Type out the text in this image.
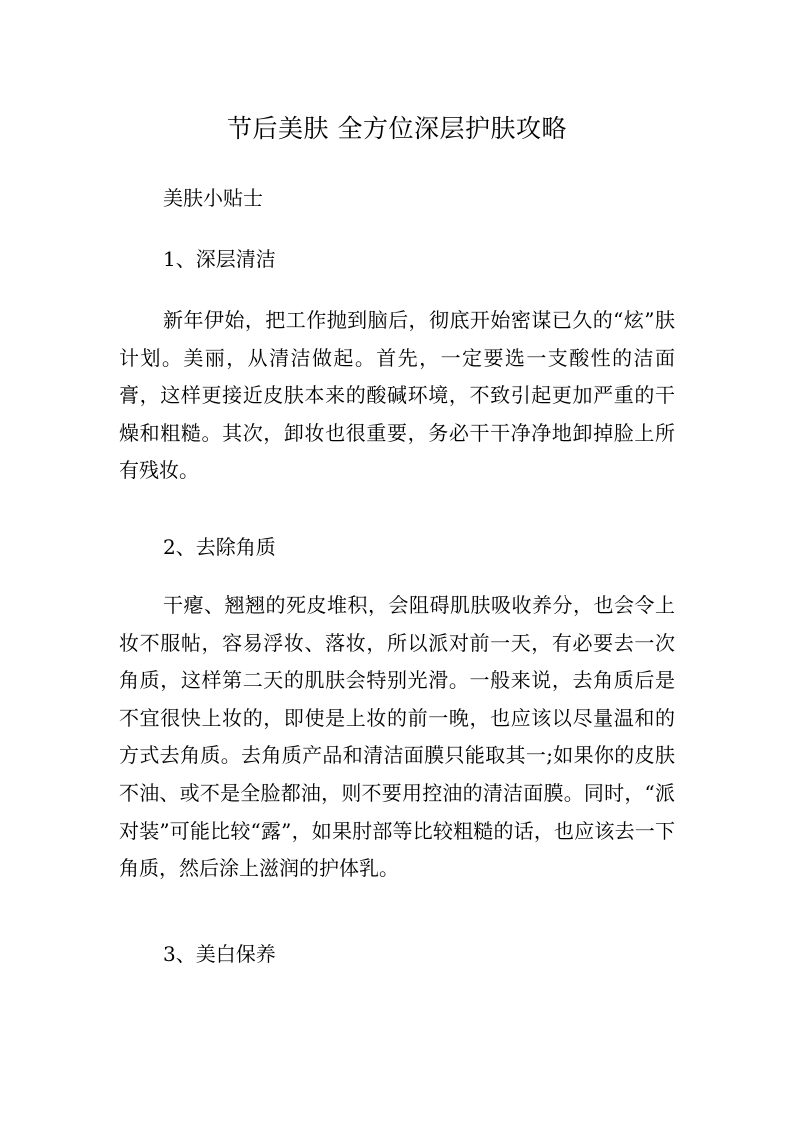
节后美肤 全方位深层护肤攻略

美肤小贴士

1、深层清洁

新年伊始，把工作抛到脑后，彻底开始密谋已久的“炫”肤计划。美丽，从清洁做起。首先，一定要选一支酸性的洁面膏，这样更接近皮肤本来的酸碱环境，不致引起更加严重的干燥和粗糙。其次，卸妆也很重要，务必干干净净地卸掉脸上所有残妆。

2、去除角质

干瘪、翘翘的死皮堆积，会阻碍肌肤吸收养分，也会令上妆不服帖，容易浮妆、落妆，所以派对前一天，有必要去一次角质，这样第二天的肌肤会特别光滑。一般来说，去角质后是不宜很快上妆的，即使是上妆的前一晚，也应该以尽量温和的方式去角质。去角质产品和清洁面膜只能取其一;如果你的皮肤不油、或不是全脸都油，则不要用控油的清洁面膜。同时，“派对装”可能比较“露”，如果肘部等比较粗糙的话，也应该去一下角质，然后涂上滋润的护体乳。

3、美白保养
